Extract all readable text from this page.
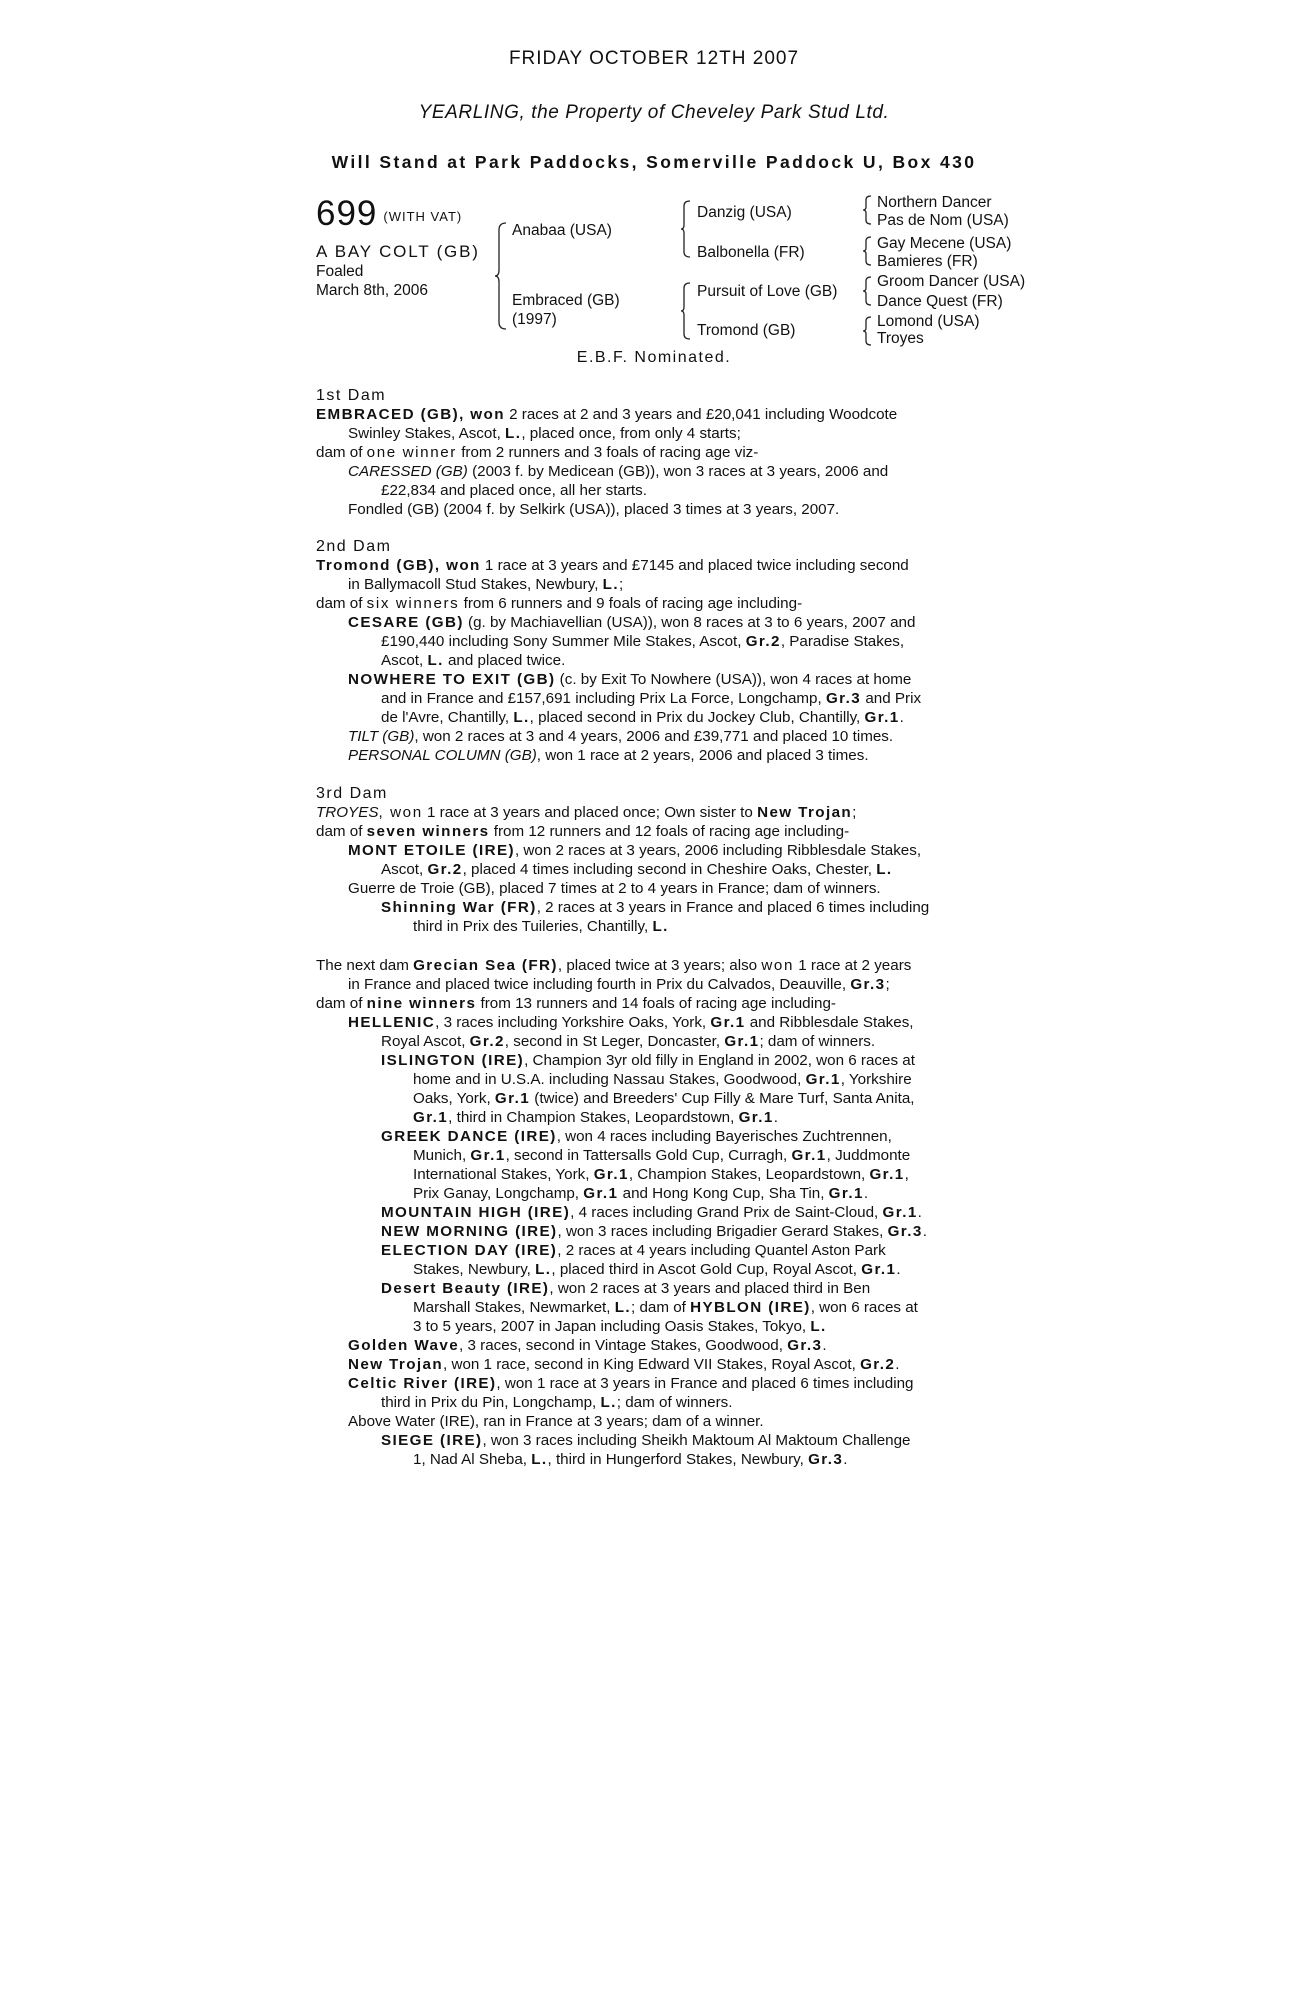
FRIDAY OCTOBER 12TH 2007
YEARLING, the Property of Cheveley Park Stud Ltd.
Will Stand at Park Paddocks, Somerville Paddock U, Box 430
699 (WITH VAT)
A BAY COLT (GB)
Foaled
March 8th, 2006
Anabaa (USA)
Embraced (GB)
(1997)
Danzig (USA)
Balbonella (FR)
Pursuit of Love (GB)
Tromond (GB)
Northern Dancer
Pas de Nom (USA)
Gay Mecene (USA)
Bamieres (FR)
Groom Dancer (USA)
Dance Quest (FR)
Lomond (USA)
Troyes
E.B.F. Nominated.
1st Dam
EMBRACED (GB), won 2 races at 2 and 3 years and £20,041 including Woodcote
Swinley Stakes, Ascot, L., placed once, from only 4 starts;
dam of one winner from 2 runners and 3 foals of racing age viz-
CARESSED (GB) (2003 f. by Medicean (GB)), won 3 races at 3 years, 2006 and
£22,834 and placed once, all her starts.
Fondled (GB) (2004 f. by Selkirk (USA)), placed 3 times at 3 years, 2007.
2nd Dam
Tromond (GB), won 1 race at 3 years and £7145 and placed twice including second
in Ballymacoll Stud Stakes, Newbury, L.;
dam of six winners from 6 runners and 9 foals of racing age including-
CESARE (GB) (g. by Machiavellian (USA)), won 8 races at 3 to 6 years, 2007 and
£190,440 including Sony Summer Mile Stakes, Ascot, Gr.2, Paradise Stakes,
Ascot, L. and placed twice.
NOWHERE TO EXIT (GB) (c. by Exit To Nowhere (USA)), won 4 races at home
and in France and £157,691 including Prix La Force, Longchamp, Gr.3 and Prix
de l'Avre, Chantilly, L., placed second in Prix du Jockey Club, Chantilly, Gr.1.
TILT (GB), won 2 races at 3 and 4 years, 2006 and £39,771 and placed 10 times.
PERSONAL COLUMN (GB), won 1 race at 2 years, 2006 and placed 3 times.
3rd Dam
TROYES, won 1 race at 3 years and placed once; Own sister to New Trojan;
dam of seven winners from 12 runners and 12 foals of racing age including-
MONT ETOILE (IRE), won 2 races at 3 years, 2006 including Ribblesdale Stakes,
Ascot, Gr.2, placed 4 times including second in Cheshire Oaks, Chester, L.
Guerre de Troie (GB), placed 7 times at 2 to 4 years in France; dam of winners.
Shinning War (FR), 2 races at 3 years in France and placed 6 times including
third in Prix des Tuileries, Chantilly, L.
The next dam Grecian Sea (FR), placed twice at 3 years; also won 1 race at 2 years
in France and placed twice including fourth in Prix du Calvados, Deauville, Gr.3;
dam of nine winners from 13 runners and 14 foals of racing age including-
HELLENIC, 3 races including Yorkshire Oaks, York, Gr.1 and Ribblesdale Stakes,
Royal Ascot, Gr.2, second in St Leger, Doncaster, Gr.1; dam of winners.
ISLINGTON (IRE), Champion 3yr old filly in England in 2002, won 6 races at
home and in U.S.A. including Nassau Stakes, Goodwood, Gr.1, Yorkshire
Oaks, York, Gr.1 (twice) and Breeders' Cup Filly & Mare Turf, Santa Anita,
Gr.1, third in Champion Stakes, Leopardstown, Gr.1.
GREEK DANCE (IRE), won 4 races including Bayerisches Zuchtrennen,
Munich, Gr.1, second in Tattersalls Gold Cup, Curragh, Gr.1, Juddmonte
International Stakes, York, Gr.1, Champion Stakes, Leopardstown, Gr.1,
Prix Ganay, Longchamp, Gr.1 and Hong Kong Cup, Sha Tin, Gr.1.
MOUNTAIN HIGH (IRE), 4 races including Grand Prix de Saint-Cloud, Gr.1.
NEW MORNING (IRE), won 3 races including Brigadier Gerard Stakes, Gr.3.
ELECTION DAY (IRE), 2 races at 4 years including Quantel Aston Park
Stakes, Newbury, L., placed third in Ascot Gold Cup, Royal Ascot, Gr.1.
Desert Beauty (IRE), won 2 races at 3 years and placed third in Ben
Marshall Stakes, Newmarket, L.; dam of HYBLON (IRE), won 6 races at
3 to 5 years, 2007 in Japan including Oasis Stakes, Tokyo, L.
Golden Wave, 3 races, second in Vintage Stakes, Goodwood, Gr.3.
New Trojan, won 1 race, second in King Edward VII Stakes, Royal Ascot, Gr.2.
Celtic River (IRE), won 1 race at 3 years in France and placed 6 times including
third in Prix du Pin, Longchamp, L.; dam of winners.
Above Water (IRE), ran in France at 3 years; dam of a winner.
SIEGE (IRE), won 3 races including Sheikh Maktoum Al Maktoum Challenge
1, Nad Al Sheba, L., third in Hungerford Stakes, Newbury, Gr.3.
